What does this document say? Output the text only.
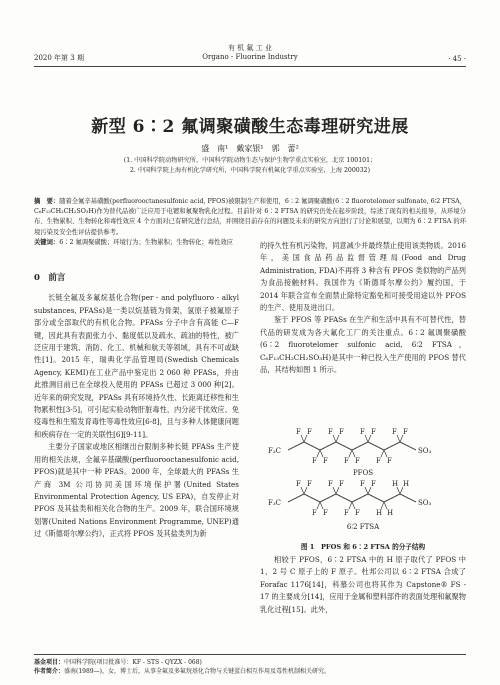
有 机 氟 工 业
Organo - Fluorine Industry
2020 年第 3 期	· 45 ·
新型 6∶2 氟调聚磺酸生态毒理研究进展
盛　南¹　戴家银¹　郭　蕾²
(1. 中国科学院动物研究所，中国科学院动物生态与保护生物学重点实验室，北京 100101；
2. 中国科学院上海有机化学研究所，中国科学院有机氟化学重点实验室，上海 200032)
摘　要：随着全氟辛基磺酸(perfluorooctanesulfonic acid, PFOS)被限制生产和使用，6∶2 氟调聚磺酸(6∶2 fluorotelomer sulfonate, 6∶2 FTSA，C₆F₁₃CH₂CH₂SO₃H)作为替代品被广泛应用于电镀和氟聚物乳化过程。目前针对 6∶2 FTSA 的研究仍处在起步阶段，综述了现有的相关报导，从环境分布、生物累积、生物转化和毒性效应 4 个方面对已有研究进行总结，并围绕目前存在的问题及未来的研究方向进行了讨论和展望，以期为 6∶2 FTSA 的环境污染及安全性评估提供参考。
关键词：6∶2 氟调聚磺酸；环境行为；生物累积；生物转化；毒性效应
0　前言

长链全氟及多氟烷基化合物(per - and polyfluoro - alkyl substances, PFASs)是一类以烷基链为骨架，氢原子被氟原子部分或全部取代的有机化合物。PFASs 分子中含有高能 C—F 键，因此具有表面张力小、黏度低以及疏水、疏油的特性，被广泛应用于建筑、消防、化工、机械和航天等领域，具有不可或缺性[1]。2015 年，瑞典化学品管理局(Swedish Chemicals Agency, KEMI)在工业产品中鉴定出 2 060 种 PFASs，并由此推测目前已在全球投入使用的 PFASs 已超过 3 000 种[2]。近年来的研究发现，PFASs 具有环境持久性、长距离迁移性和生物累积性[3-5]，可引起实验动物肝脏毒性、内分泌干扰效应、免疫毒性和生殖发育毒性等毒性效应[6-8]，且与多种人体健康问题和疾病存在一定的关联性[6][9-11]。

主要分子国家或地区相继出台限制多种长链 PFASs 生产使用的相关法规，全氟辛基磺酸(perfluorooctanesulfonic acid, PFOS)就是其中一种 PFAS。2000 年，全球最大的 PFASs 生产商 3M 公司协同美国环境保护署(United States Environmental Protection Agency, US EPA)，自发停止对 PFOS 及其盐类和相关化合物的生产。2009 年，联合国环境规划署(United Nations Environment Programme, UNEP)通过《斯德哥尔摩公约》，正式将 PFOS 及其盐类列为新

的持久性有机污染物，同意减少并最终禁止使用该类物质。2016 年，美国食品药品监督管理局(Food and Drug Administration, FDA)不再将 3 种含有 PFOS 类似物的产品列为食品接触材料。我国作为《斯德哥尔摩公约》履约国，于 2014 年联合宣布全面禁止除特定豁免和可接受用途以外 PFOS 的生产、使用及进出口。

鉴于 PFOS 等 PFASs 在生产和生活中具有不可替代性，替代品的研发成为各大氟化工厂的关注重点。6∶2 氟调聚磺酸(6∶2 fluorotelomer sulfonic acid, 6∶2 FTSA，C₆F₁₃CH₂CH₂SO₃H)是其中一种已投入生产使用的 PFOS 替代品，其结构如图 1 所示。

F₃C	SO₃
F F F F F F F F
F F F F F F
PFOS
F₃C	SO₃
F F F F F F H H
F F F F H H
6∶2 FTSA
图 1　PFOS 和 6∶2 FTSA 的分子结构

相较于 PFOS，6∶2 FTSA 中的 H 原子取代了 PFOS 中 1、2 号 C 原子上的 F 原子。杜邦公司以 6∶2 FTSA 合成了 Forafac 1176[14]，科慕公司也将其作为 Capstone® FS - 17 的主要成分[14]，应用于金属和塑料部件的表面处理和氟聚物乳化过程[15]。此外，

基金项目：中国科学院(项目批准号：KF - STS - QYZX - 068)
作者简介：盛南(1989—)，女，博士后，从事全氟及多氟烷基化合物与关键蛋白相互作用及毒性机制相关研究。
